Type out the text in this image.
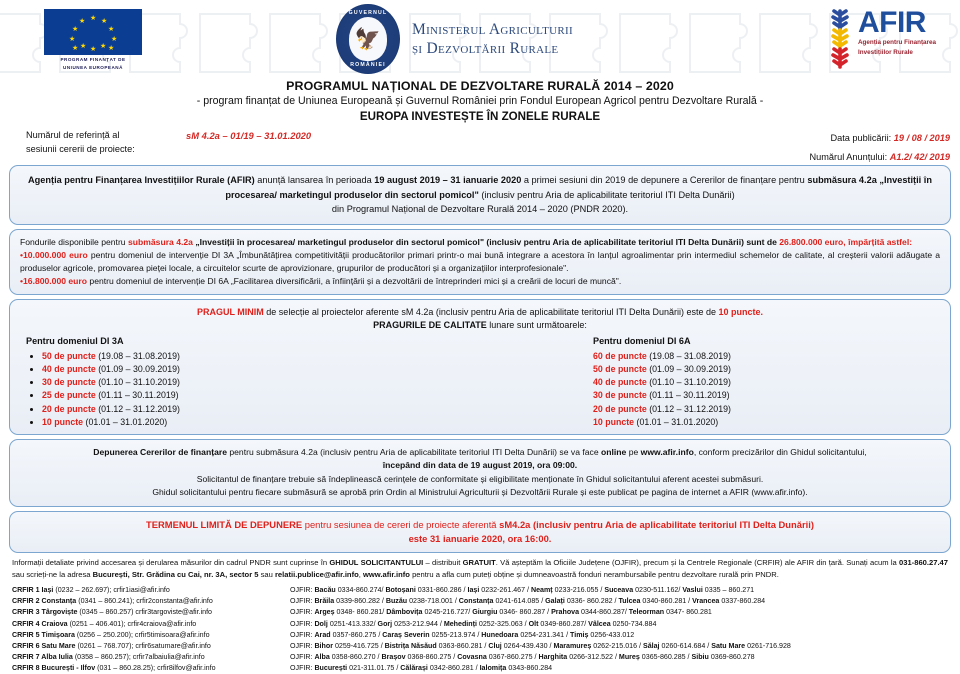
★ ★
★
★
★
★
★
★
★
★
★
★
PROGRAM FINANȚAT DE
UNIUNEA EUROPEANĂ
GUVERNUL
🦅
ROMÂNIEI
Ministerul Agriculturii
și Dezvoltării Rurale
AFIR
Agenția pentru Finanțarea
Investițiilor Rurale
PROGRAMUL NAȚIONAL DE DEZVOLTARE RURALĂ 2014 – 2020
- program finanțat de Uniunea Europeană și Guvernul României prin Fondul European Agricol pentru Dezvoltare Rurală -
EUROPA INVESTEȘTE ÎN ZONELE RURALE
Numărul de referință al
sesiunii cererii de proiecte:
sM 4.2a – 01/19 – 31.01.2020	Data publicării: 19 / 08 / 2019
Numărul Anunțului: A1.2/ 42/ 2019

Agenția pentru Finanțarea Investițiilor Rurale (AFIR) anunță lansarea în perioada 19 august 2019 – 31 ianuarie 2020 a primei sesiuni din 2019 de depunere a Cererilor de finanțare pentru submăsura 4.2a „Investiții în procesarea/ marketingul produselor din sectorul pomicol" (inclusiv pentru Aria de aplicabilitate teritoriul ITI Delta Dunării)

din Programul Național de Dezvoltare Rurală 2014 – 2020 (PNDR 2020).

Fondurile disponibile pentru submăsura 4.2a „Investiții în procesarea/ marketingul produselor din sectorul pomicol" (inclusiv pentru Aria de aplicabilitate teritoriul ITI Delta Dunării) sunt de 26.800.000 euro, împărțită astfel:

•10.000.000 euro pentru domeniul de intervenție DI 3A „Îmbunătățirea competitivității producătorilor primari printr-o mai bună integrare a acestora în lanțul agroalimentar prin intermediul schemelor de calitate, al creșterii valorii adăugate a produselor agricole, promovarea pieței locale, a circuitelor scurte de aprovizionare, grupurilor de producători și a organizațiilor interprofesionale".

•16.800.000 euro pentru domeniul de intervenție DI 6A „Facilitarea diversificării, a înființării și a dezvoltării de întreprinderi mici și a creării de locuri de muncă".

PRAGUL MINIM de selecție al proiectelor aferente sM 4.2a (inclusiv pentru Aria de aplicabilitate teritoriul ITI Delta Dunării) este de 10 puncte.

PRAGURILE DE CALITATE lunare sunt următoarele:

Pentru domeniul DI 3A
• 50 de puncte (19.08 – 31.08.2019)
• 40 de puncte (01.09 – 30.09.2019)
• 30 de puncte (01.10 – 31.10.2019)
• 25 de puncte (01.11 – 30.11.2019)
• 20 de puncte (01.12 – 31.12.2019)
• 10 puncte (01.01 – 31.01.2020)
Pentru domeniul DI 6A
60 de puncte (19.08 – 31.08.2019)
50 de puncte (01.09 – 30.09.2019)
40 de puncte (01.10 – 31.10.2019)
30 de puncte (01.11 – 30.11.2019)
20 de puncte (01.12 – 31.12.2019)
10 puncte (01.01 – 31.01.2020)

Depunerea Cererilor de finanțare pentru submăsura 4.2a (inclusiv pentru Aria de aplicabilitate teritoriul ITI Delta Dunării) se va face online pe www.afir.info, conform precizărilor din Ghidul solicitantului,

începând din data de 19 august 2019, ora 09:00.

Solicitantul de finanțare trebuie să îndeplinească cerințele de conformitate și eligibilitate menționate în Ghidul solicitantului aferent acestei submăsuri.

Ghidul solicitantului pentru fiecare submăsură se aprobă prin Ordin al Ministrului Agriculturii și Dezvoltării Rurale și este publicat pe pagina de internet a AFIR (www.afir.info).

TERMENUL LIMITĂ DE DEPUNERE pentru sesiunea de cereri de proiecte aferentă sM4.2a (inclusiv pentru Aria de aplicabilitate teritoriul ITI Delta Dunării)

este 31 ianuarie 2020, ora 16:00.

Informații detaliate privind accesarea și derularea măsurilor din cadrul PNDR sunt cuprinse în GHIDUL SOLICITANTULUI – distribuit GRATUIT. Vă așteptăm la Oficiile Județene (OJFIR), precum și la Centrele Regionale (CRFIR) ale AFIR din țară. Sunați acum la 031-860.27.47 sau scrieți-ne la adresa București, Str. Grădina cu Cai, nr. 3A, sector 5 sau relatii.publice@afir.info, www.afir.info pentru a afla cum puteți obține și dumneavoastră fonduri nerambursabile pentru dezvoltare rurală prin PNDR.
CRFIR 1 Iași (0232 – 262.697); crfir1iasi@afir.info
CRFIR 2 Constanța (0341 – 860.241); crfir2constanta@afir.info
CRFIR 3 Târgoviște (0345 – 860.257) crfir3targoviste@afir.info
CRFIR 4 Craiova (0251 – 406.401); crfir4craiova@afir.info
CRFIR 5 Timișoara (0256 – 250.200); crfir5timisoara@afir.info
CRFIR 6 Satu Mare (0261 – 768.707); crfir6satumare@afir.info
CRFIR 7 Alba Iulia (0358 – 860.257); crfir7albaiulia@afir.info
CRFIR 8 București - Ilfov (031 – 860.28.25); crfir8ilfov@afir.info
OJFIR: Bacău 0334-860.274/ Botoșani 0331-860.286 / Iași 0232-261.467 / Neamț 0233-216.055 / Suceava 0230-511.162/ Vaslui 0335 – 860.271
OJFIR: Brăila 0339-860.282 / Buzău 0238-718.001 / Constanța 0241-614.085 / Galați 0336- 860.282 / Tulcea 0340-860.281 / Vrancea 0337-860.284
OJFIR: Argeș 0348- 860.281/ Dâmbovița 0245-216.727/ Giurgiu 0346- 860.287 / Prahova 0344-860.287/ Teleorman 0347- 860.281
OJFIR: Dolj 0251-413.332/ Gorj 0253-212.944 / Mehedinți 0252-325.063 / Olt 0349-860.287/ Vâlcea 0250-734.884
OJFIR: Arad 0357-860.275 / Caraș Severin 0255-213.974 / Hunedoara 0254-231.341 / Timiș 0256-433.012
OJFIR: Bihor 0259-416.725 / Bistrița Năsăud 0363-860.281 / Cluj 0264-439.430 / Maramureș 0262-215.016 / Sălaj 0260-614.684 / Satu Mare 0261-716.928
OJFIR: Alba 0358-860.270 / Brașov 0368-860.275 / Covasna 0367-860.275 / Harghita 0266-312.522 / Mureș 0365-860.285 / Sibiu 0369-860.278
OJFIR: București 021-311.01.75 / Călărași 0342-860.281 / Ialomița 0343-860.284
